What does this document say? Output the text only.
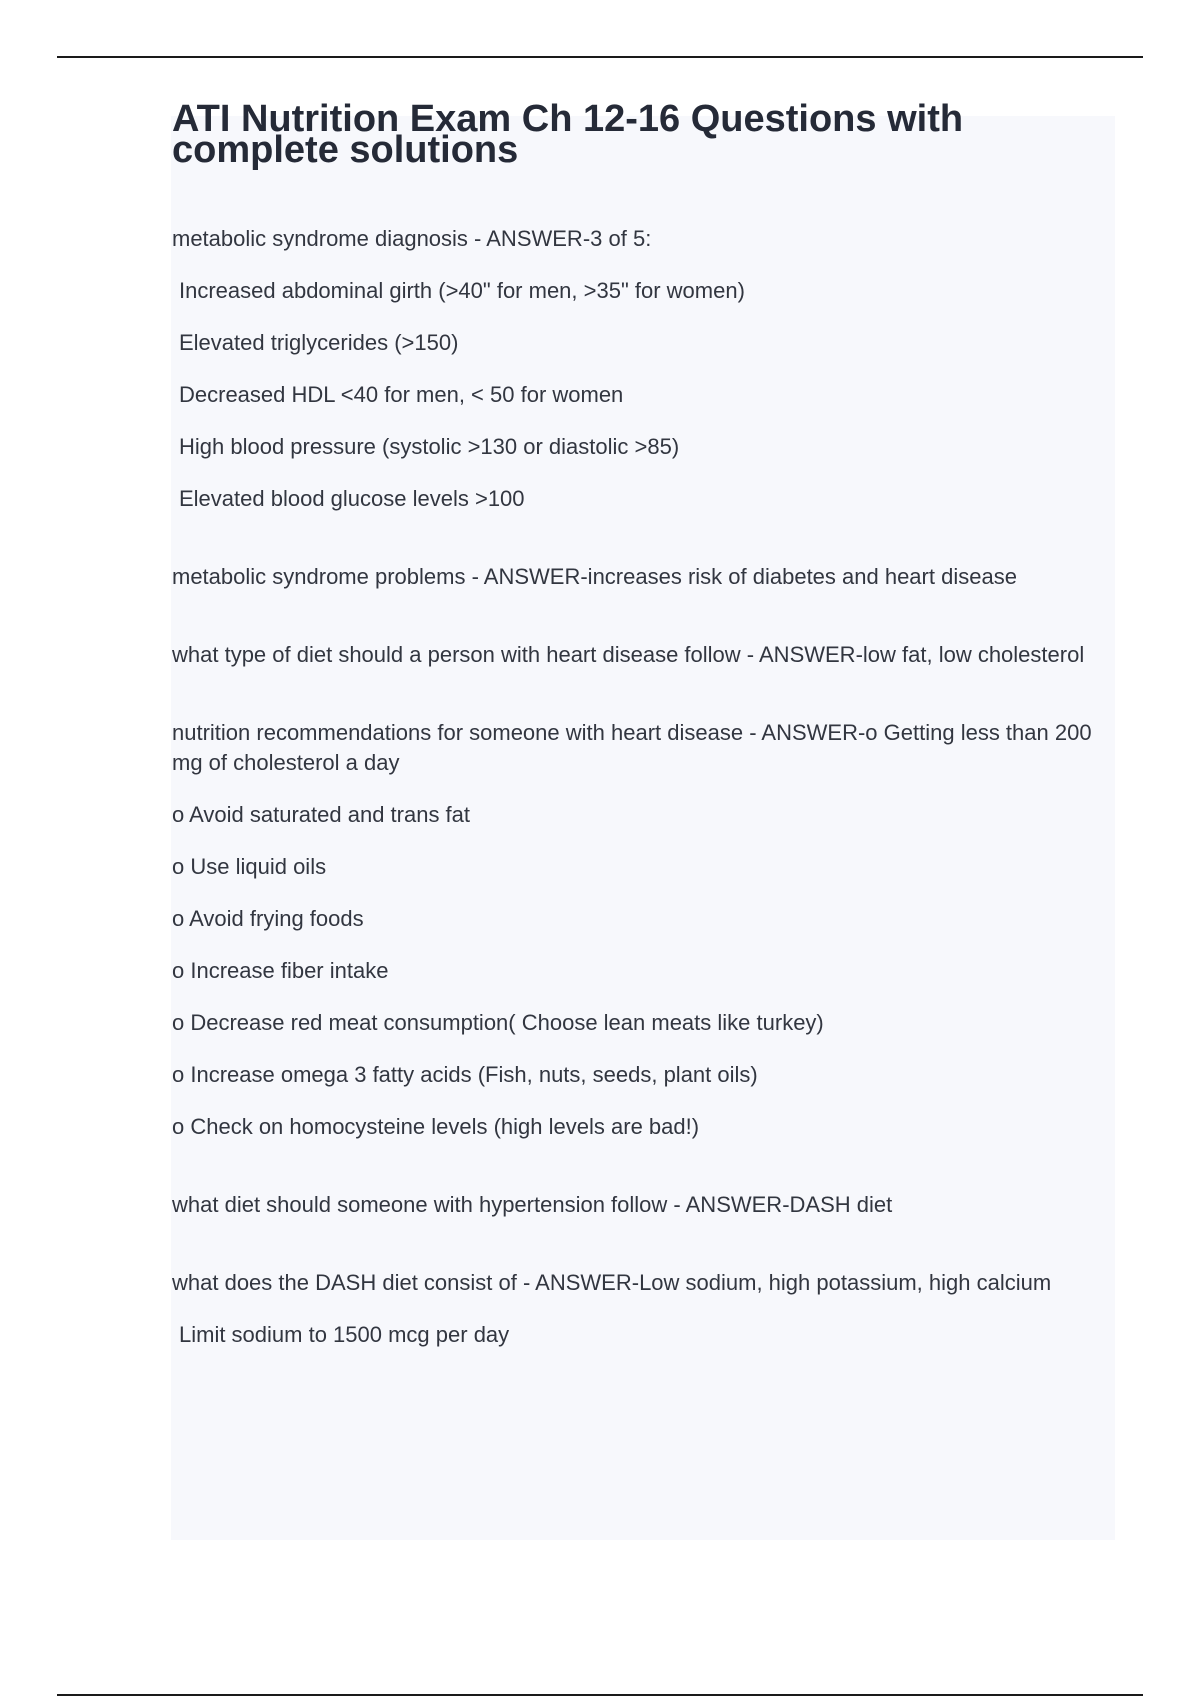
ATI Nutrition Exam Ch 12-16 Questions with complete solutions

metabolic syndrome diagnosis - ANSWER-3 of 5:

Increased abdominal girth (>40" for men, >35" for women)

Elevated triglycerides (>150)

Decreased HDL <40 for men, < 50 for women

High blood pressure (systolic >130 or diastolic >85)

Elevated blood glucose levels >100

metabolic syndrome problems - ANSWER-increases risk of diabetes and heart disease

what type of diet should a person with heart disease follow - ANSWER-low fat, low cholesterol

nutrition recommendations for someone with heart disease - ANSWER-o Getting less than 200 mg of cholesterol a day

o Avoid saturated and trans fat

o Use liquid oils

o Avoid frying foods

o Increase fiber intake

o Decrease red meat consumption( Choose lean meats like turkey)

o Increase omega 3 fatty acids (Fish, nuts, seeds, plant oils)

o Check on homocysteine levels (high levels are bad!)

what diet should someone with hypertension follow - ANSWER-DASH diet

what does the DASH diet consist of - ANSWER-Low sodium, high potassium, high calcium

Limit sodium to 1500 mcg per day
